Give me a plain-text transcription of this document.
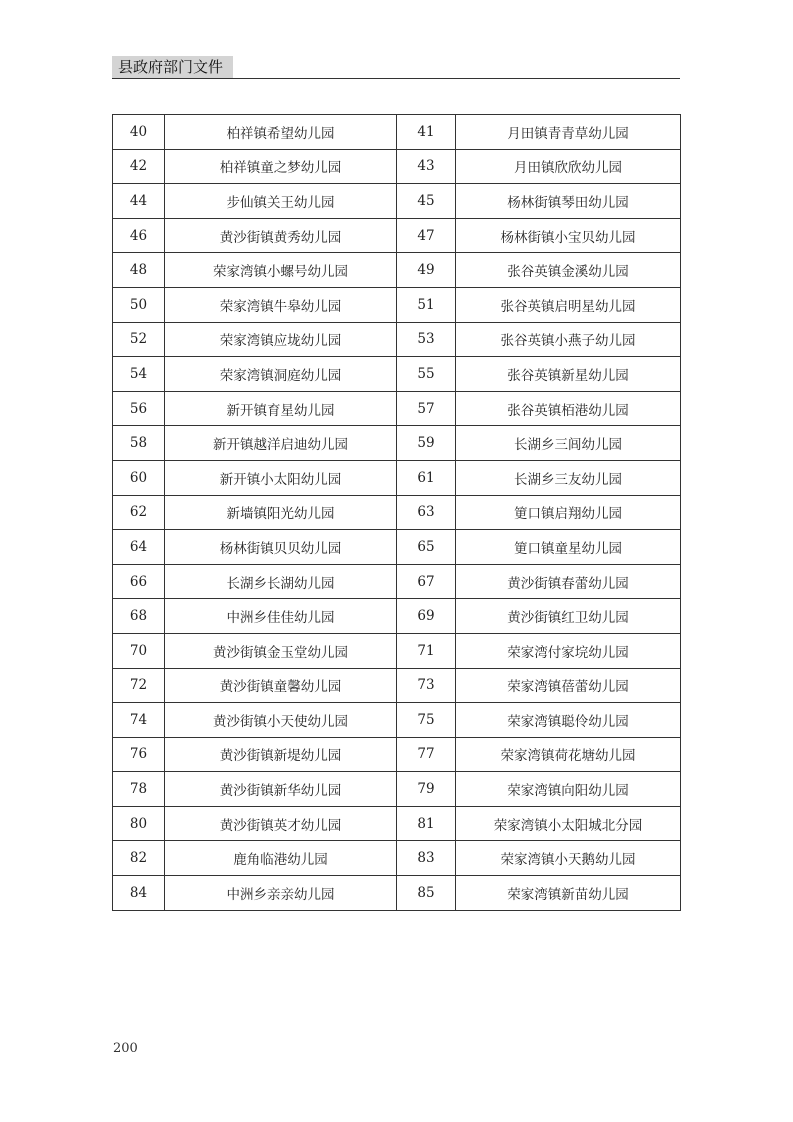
县政府部门文件
40	柏祥镇希望幼儿园	41	月田镇青青草幼儿园
42	柏祥镇童之梦幼儿园	43	月田镇欣欣幼儿园
44	步仙镇关王幼儿园	45	杨林街镇琴田幼儿园
46	黄沙街镇黄秀幼儿园	47	杨林街镇小宝贝幼儿园
48	荣家湾镇小螺号幼儿园	49	张谷英镇金溪幼儿园
50	荣家湾镇牛皋幼儿园	51	张谷英镇启明星幼儿园
52	荣家湾镇应垅幼儿园	53	张谷英镇小燕子幼儿园
54	荣家湾镇洞庭幼儿园	55	张谷英镇新星幼儿园
56	新开镇育星幼儿园	57	张谷英镇栢港幼儿园
58	新开镇越洋启迪幼儿园	59	长湖乡三闾幼儿园
60	新开镇小太阳幼儿园	61	长湖乡三友幼儿园
62	新墙镇阳光幼儿园	63	筻口镇启翔幼儿园
64	杨林街镇贝贝幼儿园	65	筻口镇童星幼儿园
66	长湖乡长湖幼儿园	67	黄沙街镇春蕾幼儿园
68	中洲乡佳佳幼儿园	69	黄沙街镇红卫幼儿园
70	黄沙街镇金玉堂幼儿园	71	荣家湾付家垸幼儿园
72	黄沙街镇童馨幼儿园	73	荣家湾镇蓓蕾幼儿园
74	黄沙街镇小天使幼儿园	75	荣家湾镇聪伶幼儿园
76	黄沙街镇新堤幼儿园	77	荣家湾镇荷花塘幼儿园
78	黄沙街镇新华幼儿园	79	荣家湾镇向阳幼儿园
80	黄沙街镇英才幼儿园	81	荣家湾镇小太阳城北分园
82	鹿角临港幼儿园	83	荣家湾镇小天鹅幼儿园
84	中洲乡亲亲幼儿园	85	荣家湾镇新苗幼儿园
200
